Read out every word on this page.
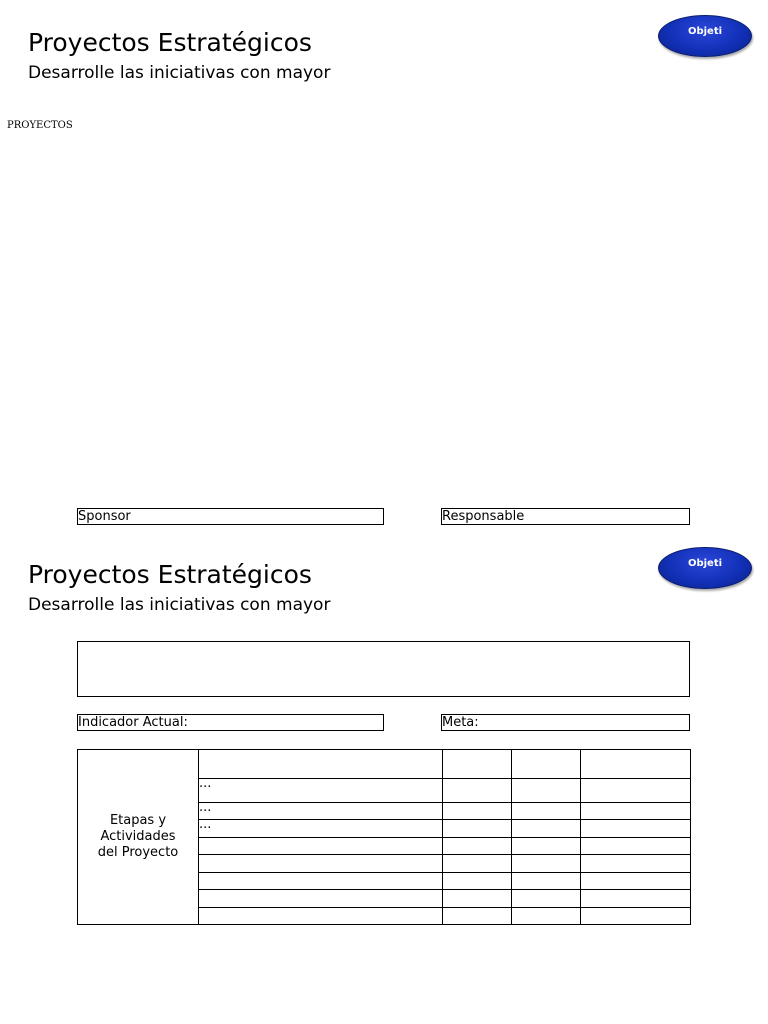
Proyectos Estratégicos
Desarrolle las iniciativas con mayor
Objeti
PROYECTOS
Sponsor	Responsable
Proyectos Estratégicos
Desarrolle las iniciativas con mayor
Objeti
Indicador Actual:	Meta:
Etapas y
Actividades
del Proyecto				

	...			
	...			
	...			
